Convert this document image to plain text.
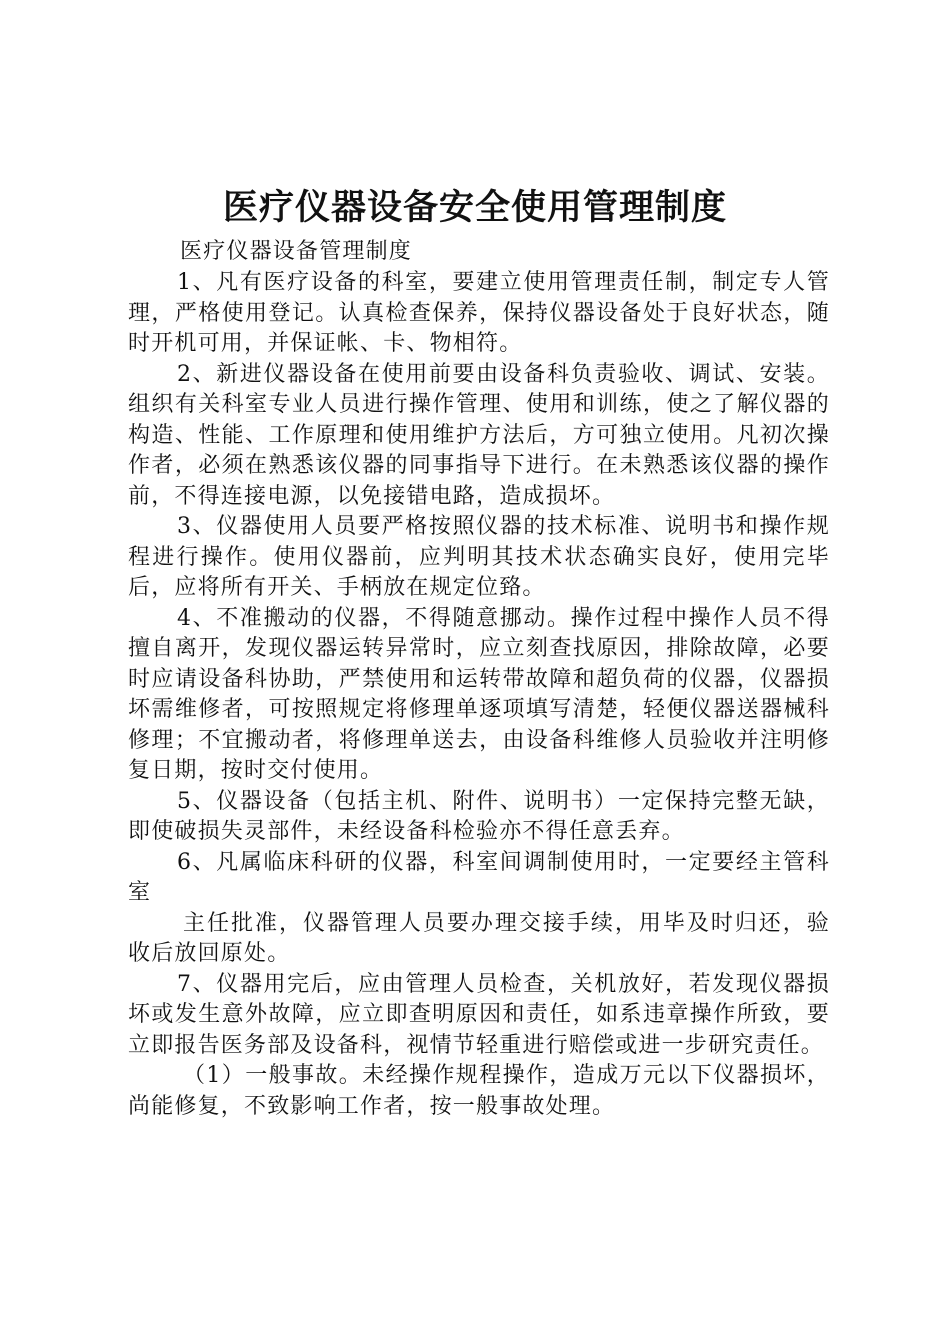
医疗仪器设备安全使用管理制度

医疗仪器设备管理制度

1、凡有医疗设备的科室，要建立使用管理责任制，制定专人管理，严格使用登记。认真检查保养，保持仪器设备处于良好状态，随时开机可用，并保证帐、卡、物相符。

2、新进仪器设备在使用前要由设备科负责验收、调试、安装。组织有关科室专业人员进行操作管理、使用和训练，使之了解仪器的构造、性能、工作原理和使用维护方法后，方可独立使用。凡初次操作者，必须在熟悉该仪器的同事指导下进行。在未熟悉该仪器的操作前，不得连接电源，以免接错电路，造成损坏。

3、仪器使用人员要严格按照仪器的技术标准、说明书和操作规程进行操作。使用仪器前，应判明其技术状态确实良好，使用完毕后，应将所有开关、手柄放在规定位臵。

4、不准搬动的仪器，不得随意挪动。操作过程中操作人员不得擅自离开，发现仪器运转异常时，应立刻查找原因，排除故障，必要时应请设备科协助，严禁使用和运转带故障和超负荷的仪器，仪器损坏需维修者，可按照规定将修理单逐项填写清楚，轻便仪器送器械科修理；不宜搬动者，将修理单送去，由设备科维修人员验收并注明修复日期，按时交付使用。

5、仪器设备（包括主机、附件、说明书）一定保持完整无缺，即使破损失灵部件，未经设备科检验亦不得任意丢弃。

6、凡属临床科研的仪器，科室间调制使用时，一定要经主管科室

主任批准，仪器管理人员要办理交接手续，用毕及时归还，验收后放回原处。

7、仪器用完后，应由管理人员检查，关机放好，若发现仪器损坏或发生意外故障，应立即查明原因和责任，如系违章操作所致，要立即报告医务部及设备科，视情节轻重进行赔偿或进一步研究责任。

（1）一般事故。未经操作规程操作，造成万元以下仪器损坏，尚能修复，不致影响工作者，按一般事故处理。
